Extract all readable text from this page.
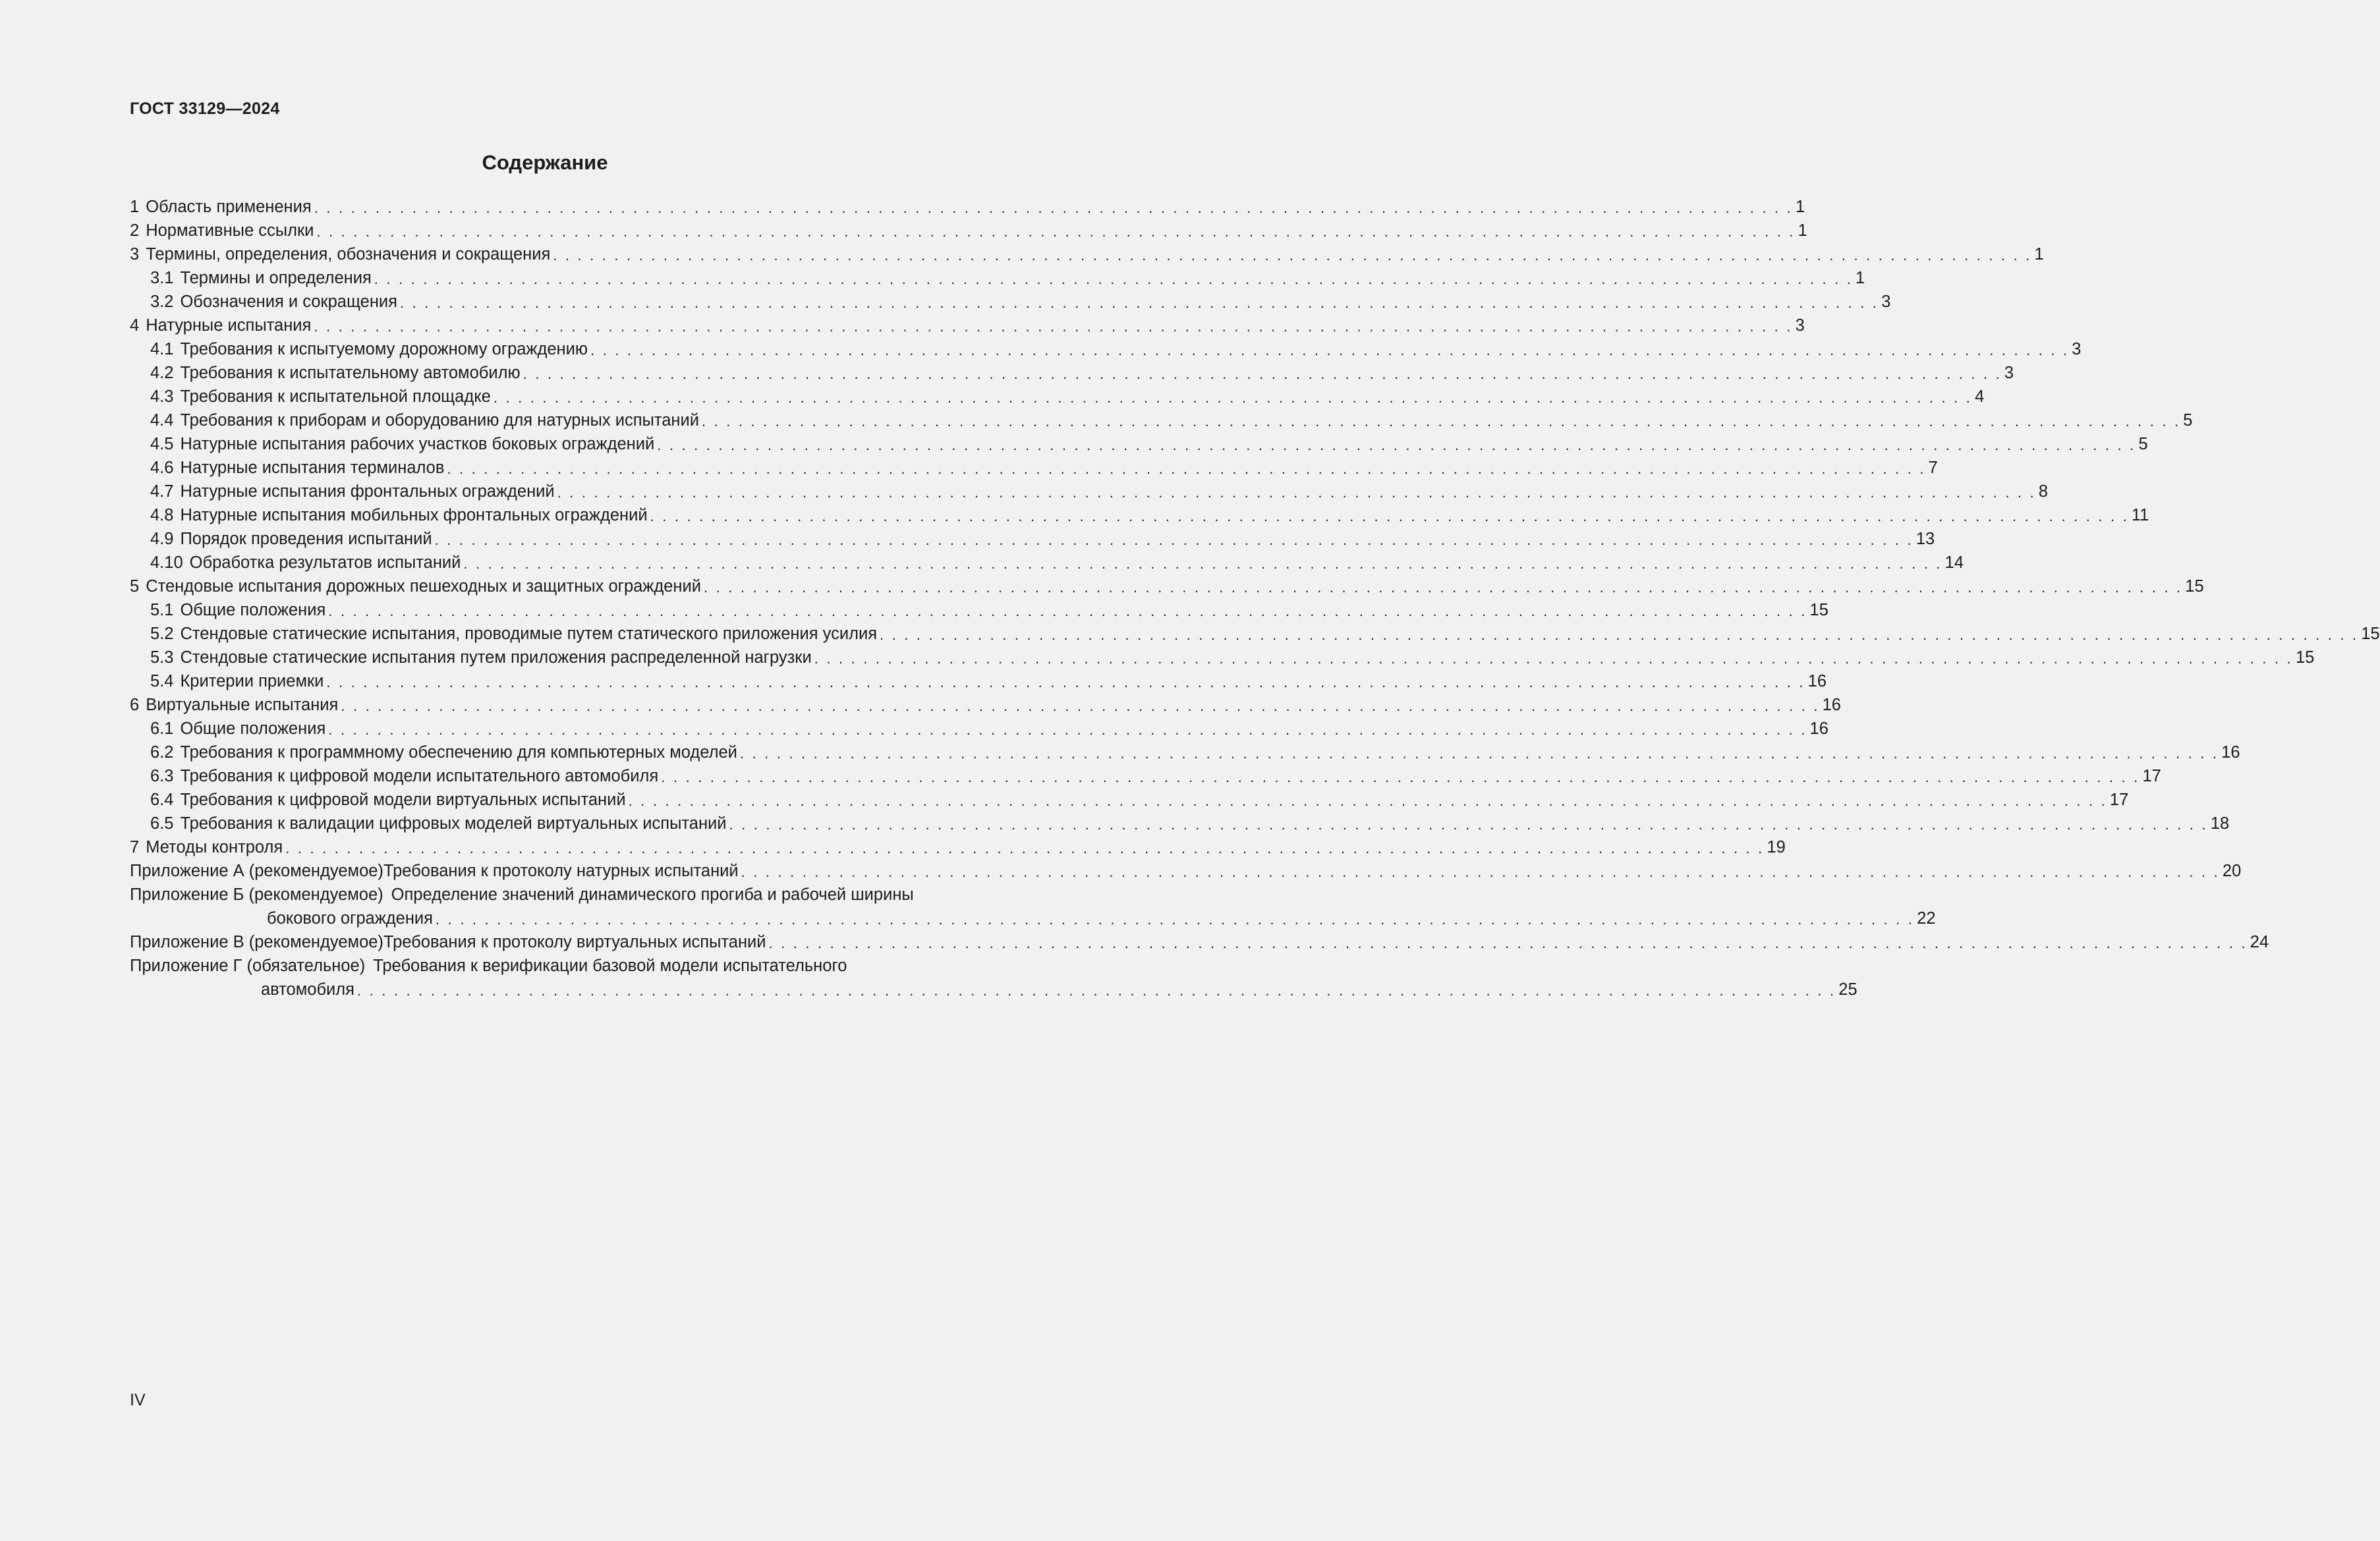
ГОСТ 33129—2024
Содержание
1 Область применения . . . . . . . . . . . . . . . . . . . . . . . . . . . . . . . . . . . . . . . . . . . . . . . . . . . . . . . . . . . . . . . . . . . . . . . . . . . . . . . . . . . . . . . . . . . . . . . . . . . . . . . . . . . . . . . . . . . . . . . . . 1
2 Нормативные ссылки . . . . . . . . . . . . . . . . . . . . . . . . . . . . . . . . . . . . . . . . . . . . . . . . . . . . . . . . . . . . . . . . . . . . . . . . . . . . . . . . . . . . . . . . . . . . . . . . . . . . . . . . . . . . . . . . . . . . . . . . . 1
3 Термины, определения, обозначения и сокращения . . . . . . . . . . . . . . . . . . . . . . . . . . . . . . . . . . . . . . . . . . . . . . . . . . . . . . . . . . . . . . . . . . . . . . . . . . . . . . . . . . . . . . . . . . . . . . . . . . . . . . . . . . . . . . . . . . . . . . . . . 1
3.1 Термины и определения . . . . . . . . . . . . . . . . . . . . . . . . . . . . . . . . . . . . . . . . . . . . . . . . . . . . . . . . . . . . . . . . . . . . . . . . . . . . . . . . . . . . . . . . . . . . . . . . . . . . . . . . . . . . . . . . . . . . . . . . . 1
3.2 Обозначения и сокращения . . . . . . . . . . . . . . . . . . . . . . . . . . . . . . . . . . . . . . . . . . . . . . . . . . . . . . . . . . . . . . . . . . . . . . . . . . . . . . . . . . . . . . . . . . . . . . . . . . . . . . . . . . . . . . . . . . . . . . . . . 3
4 Натурные испытания . . . . . . . . . . . . . . . . . . . . . . . . . . . . . . . . . . . . . . . . . . . . . . . . . . . . . . . . . . . . . . . . . . . . . . . . . . . . . . . . . . . . . . . . . . . . . . . . . . . . . . . . . . . . . . . . . . . . . . . . . 3
4.1 Требования к испытуемому дорожному ограждению . . . . . . . . . . . . . . . . . . . . . . . . . . . . . . . . . . . . . . . . . . . . . . . . . . . . . . . . . . . . . . . . . . . . . . . . . . . . . . . . . . . . . . . . . . . . . . . . . . . . . . . . . . . . . . . . . . . . . . . . . 3
4.2 Требования к испытательному автомобилю . . . . . . . . . . . . . . . . . . . . . . . . . . . . . . . . . . . . . . . . . . . . . . . . . . . . . . . . . . . . . . . . . . . . . . . . . . . . . . . . . . . . . . . . . . . . . . . . . . . . . . . . . . . . . . . . . . . . . . . . . 3
4.3 Требования к испытательной площадке . . . . . . . . . . . . . . . . . . . . . . . . . . . . . . . . . . . . . . . . . . . . . . . . . . . . . . . . . . . . . . . . . . . . . . . . . . . . . . . . . . . . . . . . . . . . . . . . . . . . . . . . . . . . . . . . . . . . . . . . . 4
4.4 Требования к приборам и оборудованию для натурных испытаний . . . . . . . . . . . . . . . . . . . . . . . . . . . . . . . . . . . . . . . . . . . . . . . . . . . . . . . . . . . . . . . . . . . . . . . . . . . . . . . . . . . . . . . . . . . . . . . . . . . . . . . . . . . . . . . . . . . . . . . . . 5
4.5 Натурные испытания рабочих участков боковых ограждений . . . . . . . . . . . . . . . . . . . . . . . . . . . . . . . . . . . . . . . . . . . . . . . . . . . . . . . . . . . . . . . . . . . . . . . . . . . . . . . . . . . . . . . . . . . . . . . . . . . . . . . . . . . . . . . . . . . . . . . . . 5
4.6 Натурные испытания терминалов . . . . . . . . . . . . . . . . . . . . . . . . . . . . . . . . . . . . . . . . . . . . . . . . . . . . . . . . . . . . . . . . . . . . . . . . . . . . . . . . . . . . . . . . . . . . . . . . . . . . . . . . . . . . . . . . . . . . . . . . . 7
4.7 Натурные испытания фронтальных ограждений . . . . . . . . . . . . . . . . . . . . . . . . . . . . . . . . . . . . . . . . . . . . . . . . . . . . . . . . . . . . . . . . . . . . . . . . . . . . . . . . . . . . . . . . . . . . . . . . . . . . . . . . . . . . . . . . . . . . . . . . . 8
4.8 Натурные испытания мобильных фронтальных ограждений . . . . . . . . . . . . . . . . . . . . . . . . . . . . . . . . . . . . . . . . . . . . . . . . . . . . . . . . . . . . . . . . . . . . . . . . . . . . . . . . . . . . . . . . . . . . . . . . . . . . . . . . . . . . . . . . . . . . . . . . . 11
4.9 Порядок проведения испытаний . . . . . . . . . . . . . . . . . . . . . . . . . . . . . . . . . . . . . . . . . . . . . . . . . . . . . . . . . . . . . . . . . . . . . . . . . . . . . . . . . . . . . . . . . . . . . . . . . . . . . . . . . . . . . . . . . . . . . . . . . 13
4.10 Обработка результатов испытаний . . . . . . . . . . . . . . . . . . . . . . . . . . . . . . . . . . . . . . . . . . . . . . . . . . . . . . . . . . . . . . . . . . . . . . . . . . . . . . . . . . . . . . . . . . . . . . . . . . . . . . . . . . . . . . . . . . . . . . . . . 14
5 Стендовые испытания дорожных пешеходных и защитных ограждений . . . . . . . . . . . . . . . . . . . . . . . . . . . . . . . . . . . . . . . . . . . . . . . . . . . . . . . . . . . . . . . . . . . . . . . . . . . . . . . . . . . . . . . . . . . . . . . . . . . . . . . . . . . . . . . . . . . . . . . . . 15
5.1 Общие положения . . . . . . . . . . . . . . . . . . . . . . . . . . . . . . . . . . . . . . . . . . . . . . . . . . . . . . . . . . . . . . . . . . . . . . . . . . . . . . . . . . . . . . . . . . . . . . . . . . . . . . . . . . . . . . . . . . . . . . . . . 15
5.2 Стендовые статические испытания, проводимые путем статического приложения усилия . . . . . . . . . . . . . . . . . . . . . . . . . . . . . . . . . . . . . . . . . . . . . . . . . . . . . . . . . . . . . . . . . . . . . . . . . . . . . . . . . . . . . . . . . . . . . . . . . . . . . . . . . . . . . . . . . . . . . . . . . 15
5.3 Стендовые статические испытания путем приложения распределенной нагрузки . . . . . . . . . . . . . . . . . . . . . . . . . . . . . . . . . . . . . . . . . . . . . . . . . . . . . . . . . . . . . . . . . . . . . . . . . . . . . . . . . . . . . . . . . . . . . . . . . . . . . . . . . . . . . . . . . . . . . . . . . 15
5.4 Критерии приемки . . . . . . . . . . . . . . . . . . . . . . . . . . . . . . . . . . . . . . . . . . . . . . . . . . . . . . . . . . . . . . . . . . . . . . . . . . . . . . . . . . . . . . . . . . . . . . . . . . . . . . . . . . . . . . . . . . . . . . . . . 16
6 Виртуальные испытания . . . . . . . . . . . . . . . . . . . . . . . . . . . . . . . . . . . . . . . . . . . . . . . . . . . . . . . . . . . . . . . . . . . . . . . . . . . . . . . . . . . . . . . . . . . . . . . . . . . . . . . . . . . . . . . . . . . . . . . . . 16
6.1 Общие положения . . . . . . . . . . . . . . . . . . . . . . . . . . . . . . . . . . . . . . . . . . . . . . . . . . . . . . . . . . . . . . . . . . . . . . . . . . . . . . . . . . . . . . . . . . . . . . . . . . . . . . . . . . . . . . . . . . . . . . . . . 16
6.2 Требования к программному обеспечению для компьютерных моделей . . . . . . . . . . . . . . . . . . . . . . . . . . . . . . . . . . . . . . . . . . . . . . . . . . . . . . . . . . . . . . . . . . . . . . . . . . . . . . . . . . . . . . . . . . . . . . . . . . . . . . . . . . . . . . . . . . . . . . . . . 16
6.3 Требования к цифровой модели испытательного автомобиля . . . . . . . . . . . . . . . . . . . . . . . . . . . . . . . . . . . . . . . . . . . . . . . . . . . . . . . . . . . . . . . . . . . . . . . . . . . . . . . . . . . . . . . . . . . . . . . . . . . . . . . . . . . . . . . . . . . . . . . . . 17
6.4 Требования к цифровой модели виртуальных испытаний . . . . . . . . . . . . . . . . . . . . . . . . . . . . . . . . . . . . . . . . . . . . . . . . . . . . . . . . . . . . . . . . . . . . . . . . . . . . . . . . . . . . . . . . . . . . . . . . . . . . . . . . . . . . . . . . . . . . . . . . . 17
6.5 Требования к валидации цифровых моделей виртуальных испытаний . . . . . . . . . . . . . . . . . . . . . . . . . . . . . . . . . . . . . . . . . . . . . . . . . . . . . . . . . . . . . . . . . . . . . . . . . . . . . . . . . . . . . . . . . . . . . . . . . . . . . . . . . . . . . . . . . . . . . . . . . 18
7 Методы контроля . . . . . . . . . . . . . . . . . . . . . . . . . . . . . . . . . . . . . . . . . . . . . . . . . . . . . . . . . . . . . . . . . . . . . . . . . . . . . . . . . . . . . . . . . . . . . . . . . . . . . . . . . . . . . . . . . . . . . . . . . 19
Приложение А (рекомендуемое) Требования к протоколу натурных испытаний . . . . . . . . . . . . . . . . . . . . . . . . . . . . . . . . . . . . . . . . . . . . . . . . . . . . . . . . . . . . . . . . . . . . . . . . . . . . . . . . . . . . . . . . . . . . . . . . . . . . . . . . . . . . . . . . . . . . . . . . . 20
Приложение Б (рекомендуемое) Определение значений динамического прогиба и рабочей ширины
бокового ограждения . . . . . . . . . . . . . . . . . . . . . . . . . . . . . . . . . . . . . . . . . . . . . . . . . . . . . . . . . . . . . . . . . . . . . . . . . . . . . . . . . . . . . . . . . . . . . . . . . . . . . . . . . . . . . . . . . . . . . . . . . 22
Приложение В (рекомендуемое) Требования к протоколу виртуальных испытаний . . . . . . . . . . . . . . . . . . . . . . . . . . . . . . . . . . . . . . . . . . . . . . . . . . . . . . . . . . . . . . . . . . . . . . . . . . . . . . . . . . . . . . . . . . . . . . . . . . . . . . . . . . . . . . . . . . . . . . . . . 24
Приложение Г (обязательное) Требования к верификации базовой модели испытательного
автомобиля . . . . . . . . . . . . . . . . . . . . . . . . . . . . . . . . . . . . . . . . . . . . . . . . . . . . . . . . . . . . . . . . . . . . . . . . . . . . . . . . . . . . . . . . . . . . . . . . . . . . . . . . . . . . . . . . . . . . . . . . . 25
IV
